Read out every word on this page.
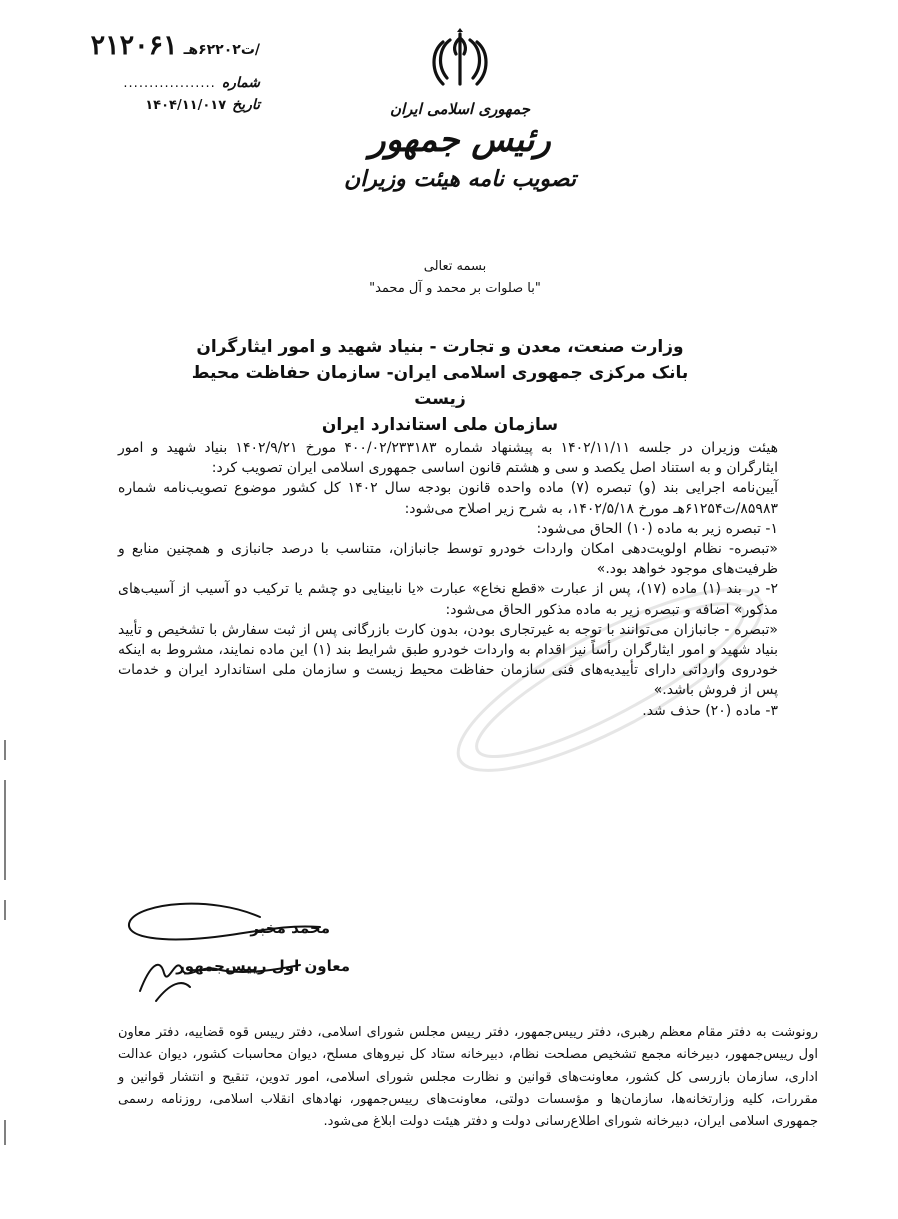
/ت۶۲۲۰۲هـ
۲۱۲۰۶۱
شماره
..................
تاریخ
۱۴۰۴/۱۱/۰۱۷	جمهوری اسلامی ایران
رئیس جمهور
تصویب نامه هیئت وزیران
بسمه تعالی
"با صلوات بر محمد و آل محمد"
وزارت صنعت، معدن و تجارت - بنیاد شهید و امور ایثارگران
بانک مرکزی جمهوری اسلامی ایران- سازمان حفاظت محیط زیست
سازمان ملی استاندارد ایران

هیئت وزیران در جلسه ۱۴۰۲/۱۱/۱۱ به پیشنهاد شماره ۴۰۰/۰۲/۲۳۳۱۸۳ مورخ ۱۴۰۲/۹/۲۱ بنیاد شهید و امور ایثارگران و به استناد اصل یکصد و سی و هشتم قانون اساسی جمهوری اسلامی ایران تصویب کرد:

آیین‌نامه اجرایی بند (و) تبصره (۷) ماده واحده قانون بودجه سال ۱۴۰۲ کل کشور موضوع تصویب‌نامه شماره ۸۵۹۸۳/ت۶۱۲۵۴هـ مورخ ۱۴۰۲/۵/۱۸، به شرح زیر اصلاح می‌شود:

۱- تبصره زیر به ماده (۱۰) الحاق می‌شود:

«تبصره- نظام اولویت‌دهی امکان واردات خودرو توسط جانبازان، متناسب با درصد جانبازی و همچنین منابع و ظرفیت‌های موجود خواهد بود.»

۲- در بند (۱) ماده (۱۷)، پس از عبارت «قطع نخاع» عبارت «یا نابینایی دو چشم یا ترکیب دو آسیب از آسیب‌های مذکور» اضافه و تبصره زیر به ماده مذکور الحاق می‌شود:

«تبصره - جانبازان می‌توانند با توجه به غیرتجاری بودن، بدون کارت بازرگانی پس از ثبت سفارش با تشخیص و تأیید بنیاد شهید و امور ایثارگران رأساً نیز اقدام به واردات خودرو طبق شرایط بند (۱) این ماده نمایند، مشروط به اینکه خودروی وارداتی دارای تأییدیه‌های فنی سازمان حفاظت محیط زیست و سازمان ملی استاندارد ایران و خدمات پس از فروش باشد.»

۳- ماده (۲۰) حذف شد.

محمد مخبر
معاون اول رییس‌جمهور
رونوشت به دفتر مقام معظم رهبری، دفتر رییس‌جمهور، دفتر رییس مجلس شورای اسلامی، دفتر رییس قوه قضاییه، دفتر معاون اول رییس‌جمهور، دبیرخانه مجمع تشخیص مصلحت نظام، دبیرخانه ستاد کل نیروهای مسلح، دیوان محاسبات کشور، دیوان عدالت اداری، سازمان بازرسی کل کشور، معاونت‌های قوانین و نظارت مجلس شورای اسلامی، امور تدوین، تنقیح و انتشار قوانین و مقررات، کلیه وزارتخانه‌ها، سازمان‌ها و مؤسسات دولتی، معاونت‌های رییس‌جمهور، نهادهای انقلاب اسلامی، روزنامه رسمی جمهوری اسلامی ایران، دبیرخانه شورای اطلاع‌رسانی دولت و دفتر هیئت دولت ابلاغ می‌شود.
